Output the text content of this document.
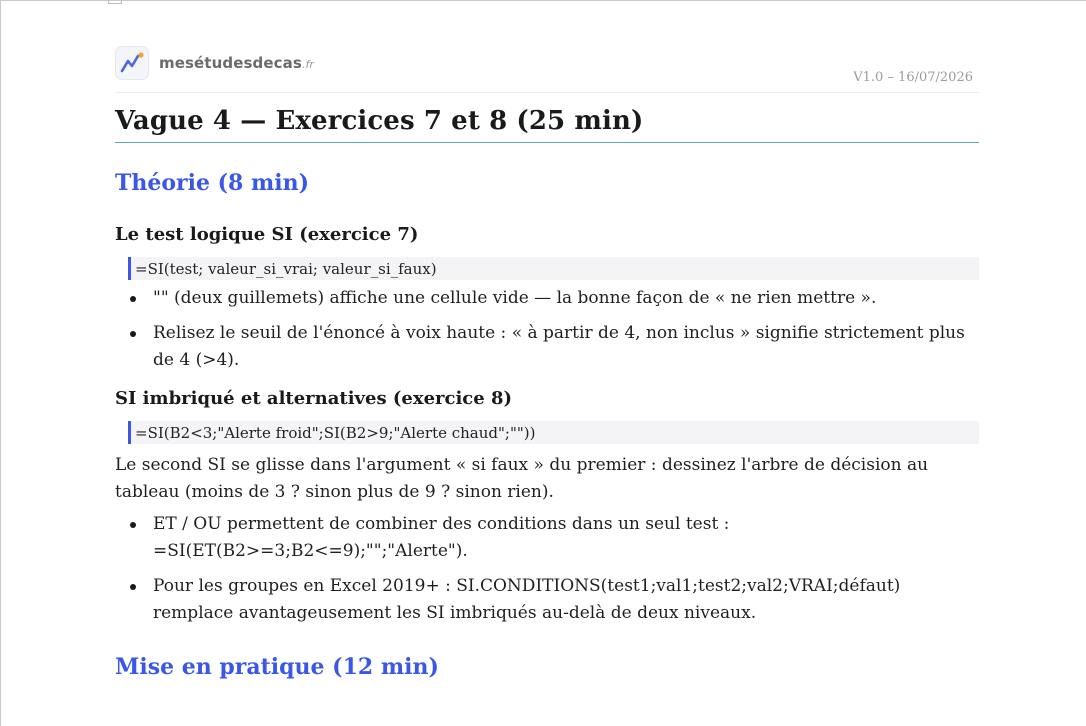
mesétudesdecas.fr
V1.0 – 16/07/2026
Vague 4 — Exercices 7 et 8 (25 min)
Théorie (8 min)
Le test logique SI (exercice 7)
=SI(test; valeur_si_vrai; valeur_si_faux)
"" (deux guillemets) affiche une cellule vide — la bonne façon de « ne rien mettre ».
Relisez le seuil de l'énoncé à voix haute : « à partir de 4, non inclus » signifie strictement plus de 4 (>4).
SI imbriqué et alternatives (exercice 8)
=SI(B2<3;"Alerte froid";SI(B2>9;"Alerte chaud";""))

Le second SI se glisse dans l'argument « si faux » du premier : dessinez l'arbre de décision au tableau (moins de 3 ? sinon plus de 9 ? sinon rien).

ET / OU permettent de combiner des conditions dans un seul test : =SI(ET(B2>=3;B2<=9);"";"Alerte").
Pour les groupes en Excel 2019+ : SI.CONDITIONS(test1;val1;test2;val2;VRAI;défaut) remplace avantageusement les SI imbriqués au-delà de deux niveaux.
Mise en pratique (12 min)
